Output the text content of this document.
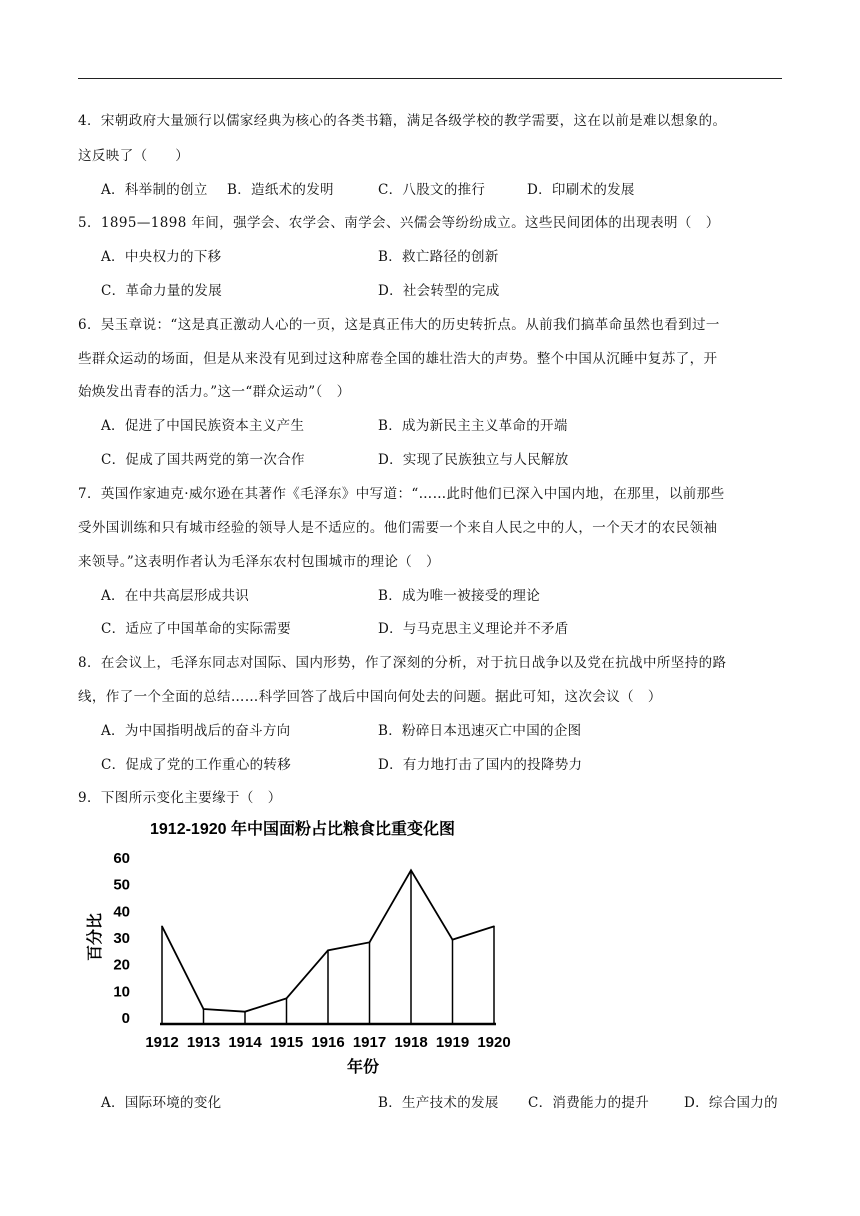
4．宋朝政府大量颁行以儒家经典为核心的各类书籍，满足各级学校的教学需要，这在以前是难以想象的。
这反映了（　　）
A．科举制的创立 B．造纸术的发明	C．八股文的推行	D．印刷术的发展
5．1895—1898 年间，强学会、农学会、南学会、兴儒会等纷纷成立。这些民间团体的出现表明（　）
A．中央权力的下移	B．救亡路径的创新
C．革命力量的发展	D．社会转型的完成
6．吴玉章说：“这是真正激动人心的一页，这是真正伟大的历史转折点。从前我们搞革命虽然也看到过一
些群众运动的场面，但是从来没有见到过这种席卷全国的雄壮浩大的声势。整个中国从沉睡中复苏了，开
始焕发出青春的活力。”这一“群众运动”（　）
A．促进了中国民族资本主义产生	B．成为新民主主义革命的开端
C．促成了国共两党的第一次合作	D．实现了民族独立与人民解放
7．英国作家迪克·威尔逊在其著作《毛泽东》中写道：“……此时他们已深入中国内地，在那里，以前那些
受外国训练和只有城市经验的领导人是不适应的。他们需要一个来自人民之中的人，一个天才的农民领袖
来领导。”这表明作者认为毛泽东农村包围城市的理论（　）
A．在中共高层形成共识	B．成为唯一被接受的理论
C．适应了中国革命的实际需要	D．与马克思主义理论并不矛盾
8．在会议上，毛泽东同志对国际、国内形势，作了深刻的分析，对于抗日战争以及党在抗战中所坚持的路
线，作了一个全面的总结……科学回答了战后中国向何处去的问题。据此可知，这次会议（　）
A．为中国指明战后的奋斗方向	B．粉碎日本迅速灭亡中国的企图
C．促成了党的工作重心的转移	D．有力地打击了国内的投降势力
9．下图所示变化主要缘于（　）
1912-1920 年中国面粉占比粮食比重变化图
百分比
年份
0
10
20
30
40
50
60
1912 1913 1914 1915 1916 1917 1918 1919 1920
A．国际环境的变化	B．生产技术的发展 C．消费能力的提升	D．综合国力的
